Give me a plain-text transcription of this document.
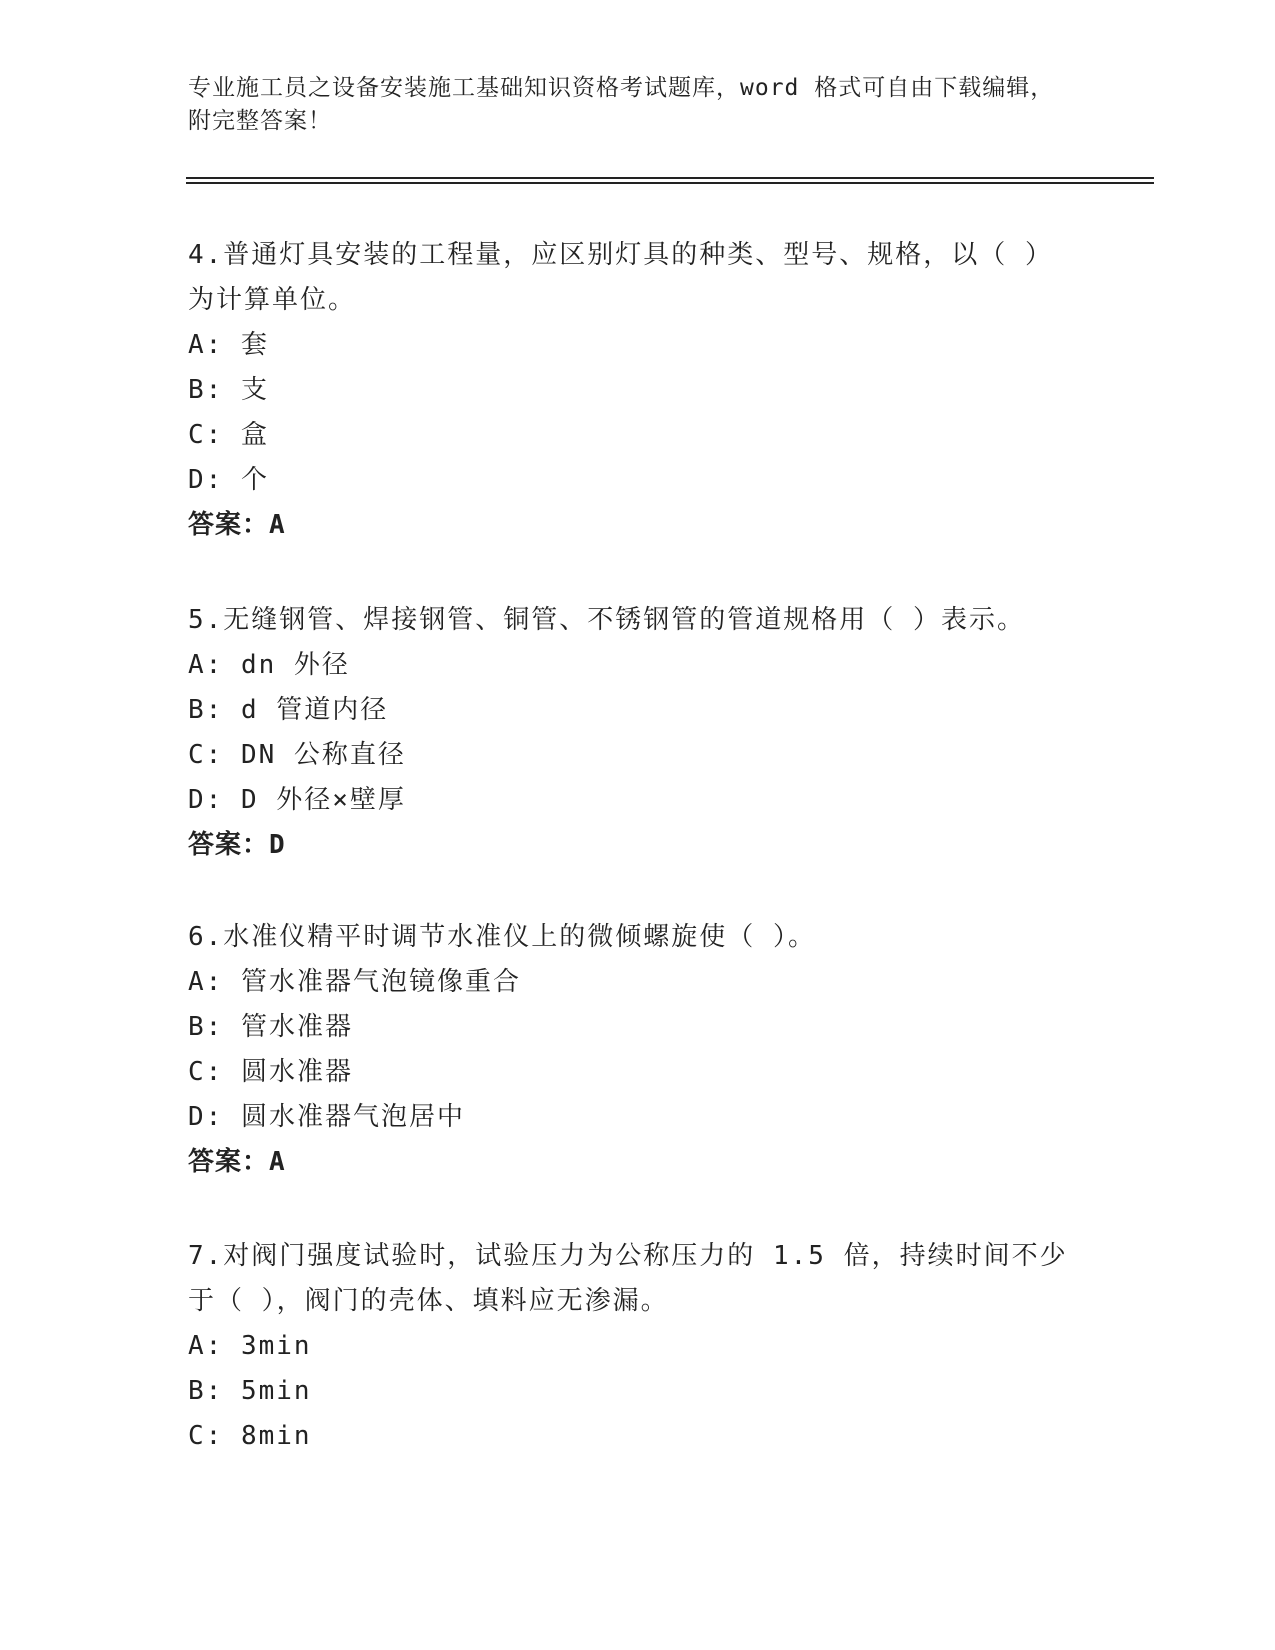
专业施工员之设备安装施工基础知识资格考试题库，word 格式可自由下载编辑，附完整答案！
4.普通灯具安装的工程量，应区别灯具的种类、型号、规格，以（ ）为计算单位。
A: 套
B: 支
C: 盒
D: 个
答案：A
5.无缝钢管、焊接钢管、铜管、不锈钢管的管道规格用（ ）表示。
A: dn 外径
B: d 管道内径
C: DN 公称直径
D: D 外径×壁厚
答案：D
6.水准仪精平时调节水准仪上的微倾螺旋使（ ）。
A: 管水准器气泡镜像重合
B: 管水准器
C: 圆水准器
D: 圆水准器气泡居中
答案：A
7.对阀门强度试验时，试验压力为公称压力的 1.5 倍，持续时间不少于（ ），阀门的壳体、填料应无渗漏。
A: 3min
B: 5min
C: 8min
